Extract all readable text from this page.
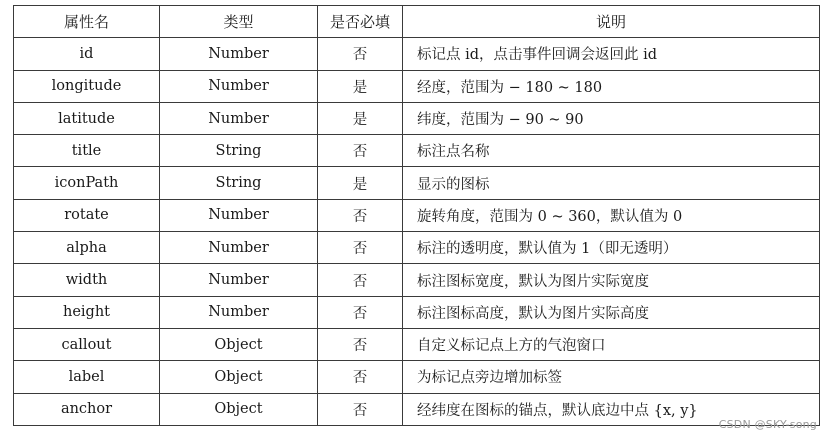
属性名	类型	是否必填	说明
id	Number	否	标记点 id，点击事件回调会返回此 id
longitude	Number	是	经度，范围为 − 180 ~ 180
latitude	Number	是	纬度，范围为 − 90 ~ 90
title	String	否	标注点名称
iconPath	String	是	显示的图标
rotate	Number	否	旋转角度，范围为 0 ~ 360，默认值为 0
alpha	Number	否	标注的透明度，默认值为 1（即无透明）
width	Number	否	标注图标宽度，默认为图片实际宽度
height	Number	否	标注图标高度，默认为图片实际高度
callout	Object	否	自定义标记点上方的气泡窗口
label	Object	否	为标记点旁边增加标签
anchor	Object	否	经纬度在图标的锚点，默认底边中点 {x, y}
CSDN @SKY-song
